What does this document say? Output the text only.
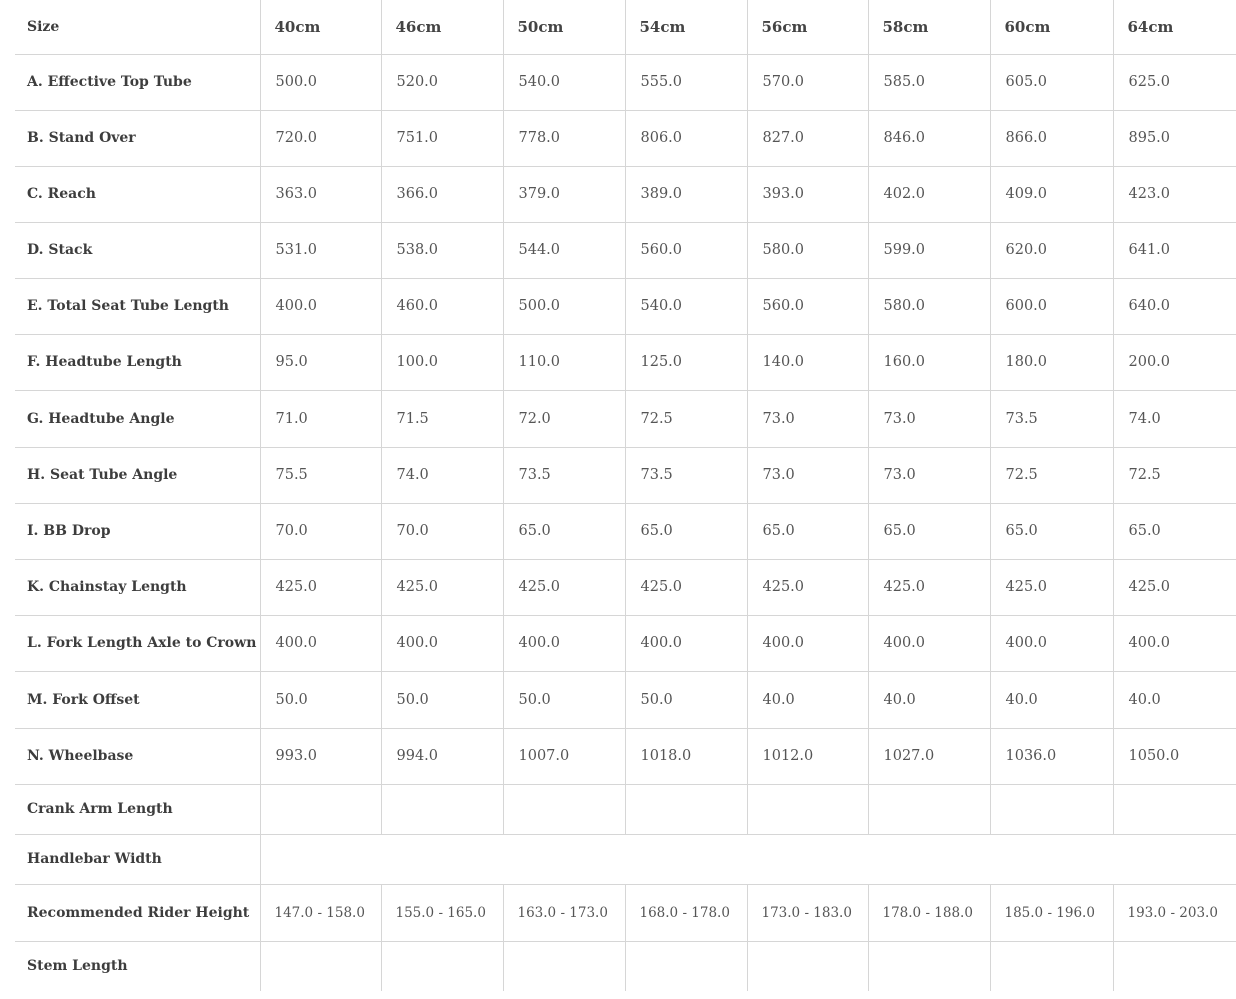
Size	40cm	46cm	50cm	54cm	56cm	58cm	60cm	64cm
A. Effective Top Tube	500.0	520.0	540.0	555.0	570.0	585.0	605.0	625.0
B. Stand Over	720.0	751.0	778.0	806.0	827.0	846.0	866.0	895.0
C. Reach	363.0	366.0	379.0	389.0	393.0	402.0	409.0	423.0
D. Stack	531.0	538.0	544.0	560.0	580.0	599.0	620.0	641.0
E. Total Seat Tube Length	400.0	460.0	500.0	540.0	560.0	580.0	600.0	640.0
F. Headtube Length	95.0	100.0	110.0	125.0	140.0	160.0	180.0	200.0
G. Headtube Angle	71.0	71.5	72.0	72.5	73.0	73.0	73.5	74.0
H. Seat Tube Angle	75.5	74.0	73.5	73.5	73.0	73.0	72.5	72.5
I. BB Drop	70.0	70.0	65.0	65.0	65.0	65.0	65.0	65.0
K. Chainstay Length	425.0	425.0	425.0	425.0	425.0	425.0	425.0	425.0
L. Fork Length Axle to Crown	400.0	400.0	400.0	400.0	400.0	400.0	400.0	400.0
M. Fork Offset	50.0	50.0	50.0	50.0	40.0	40.0	40.0	40.0
N. Wheelbase	993.0	994.0	1007.0	1018.0	1012.0	1027.0	1036.0	1050.0
Crank Arm Length								
Handlebar Width								
Recommended Rider Height	147.0 - 158.0	155.0 - 165.0	163.0 - 173.0	168.0 - 178.0	173.0 - 183.0	178.0 - 188.0	185.0 - 196.0	193.0 - 203.0
Stem Length								
